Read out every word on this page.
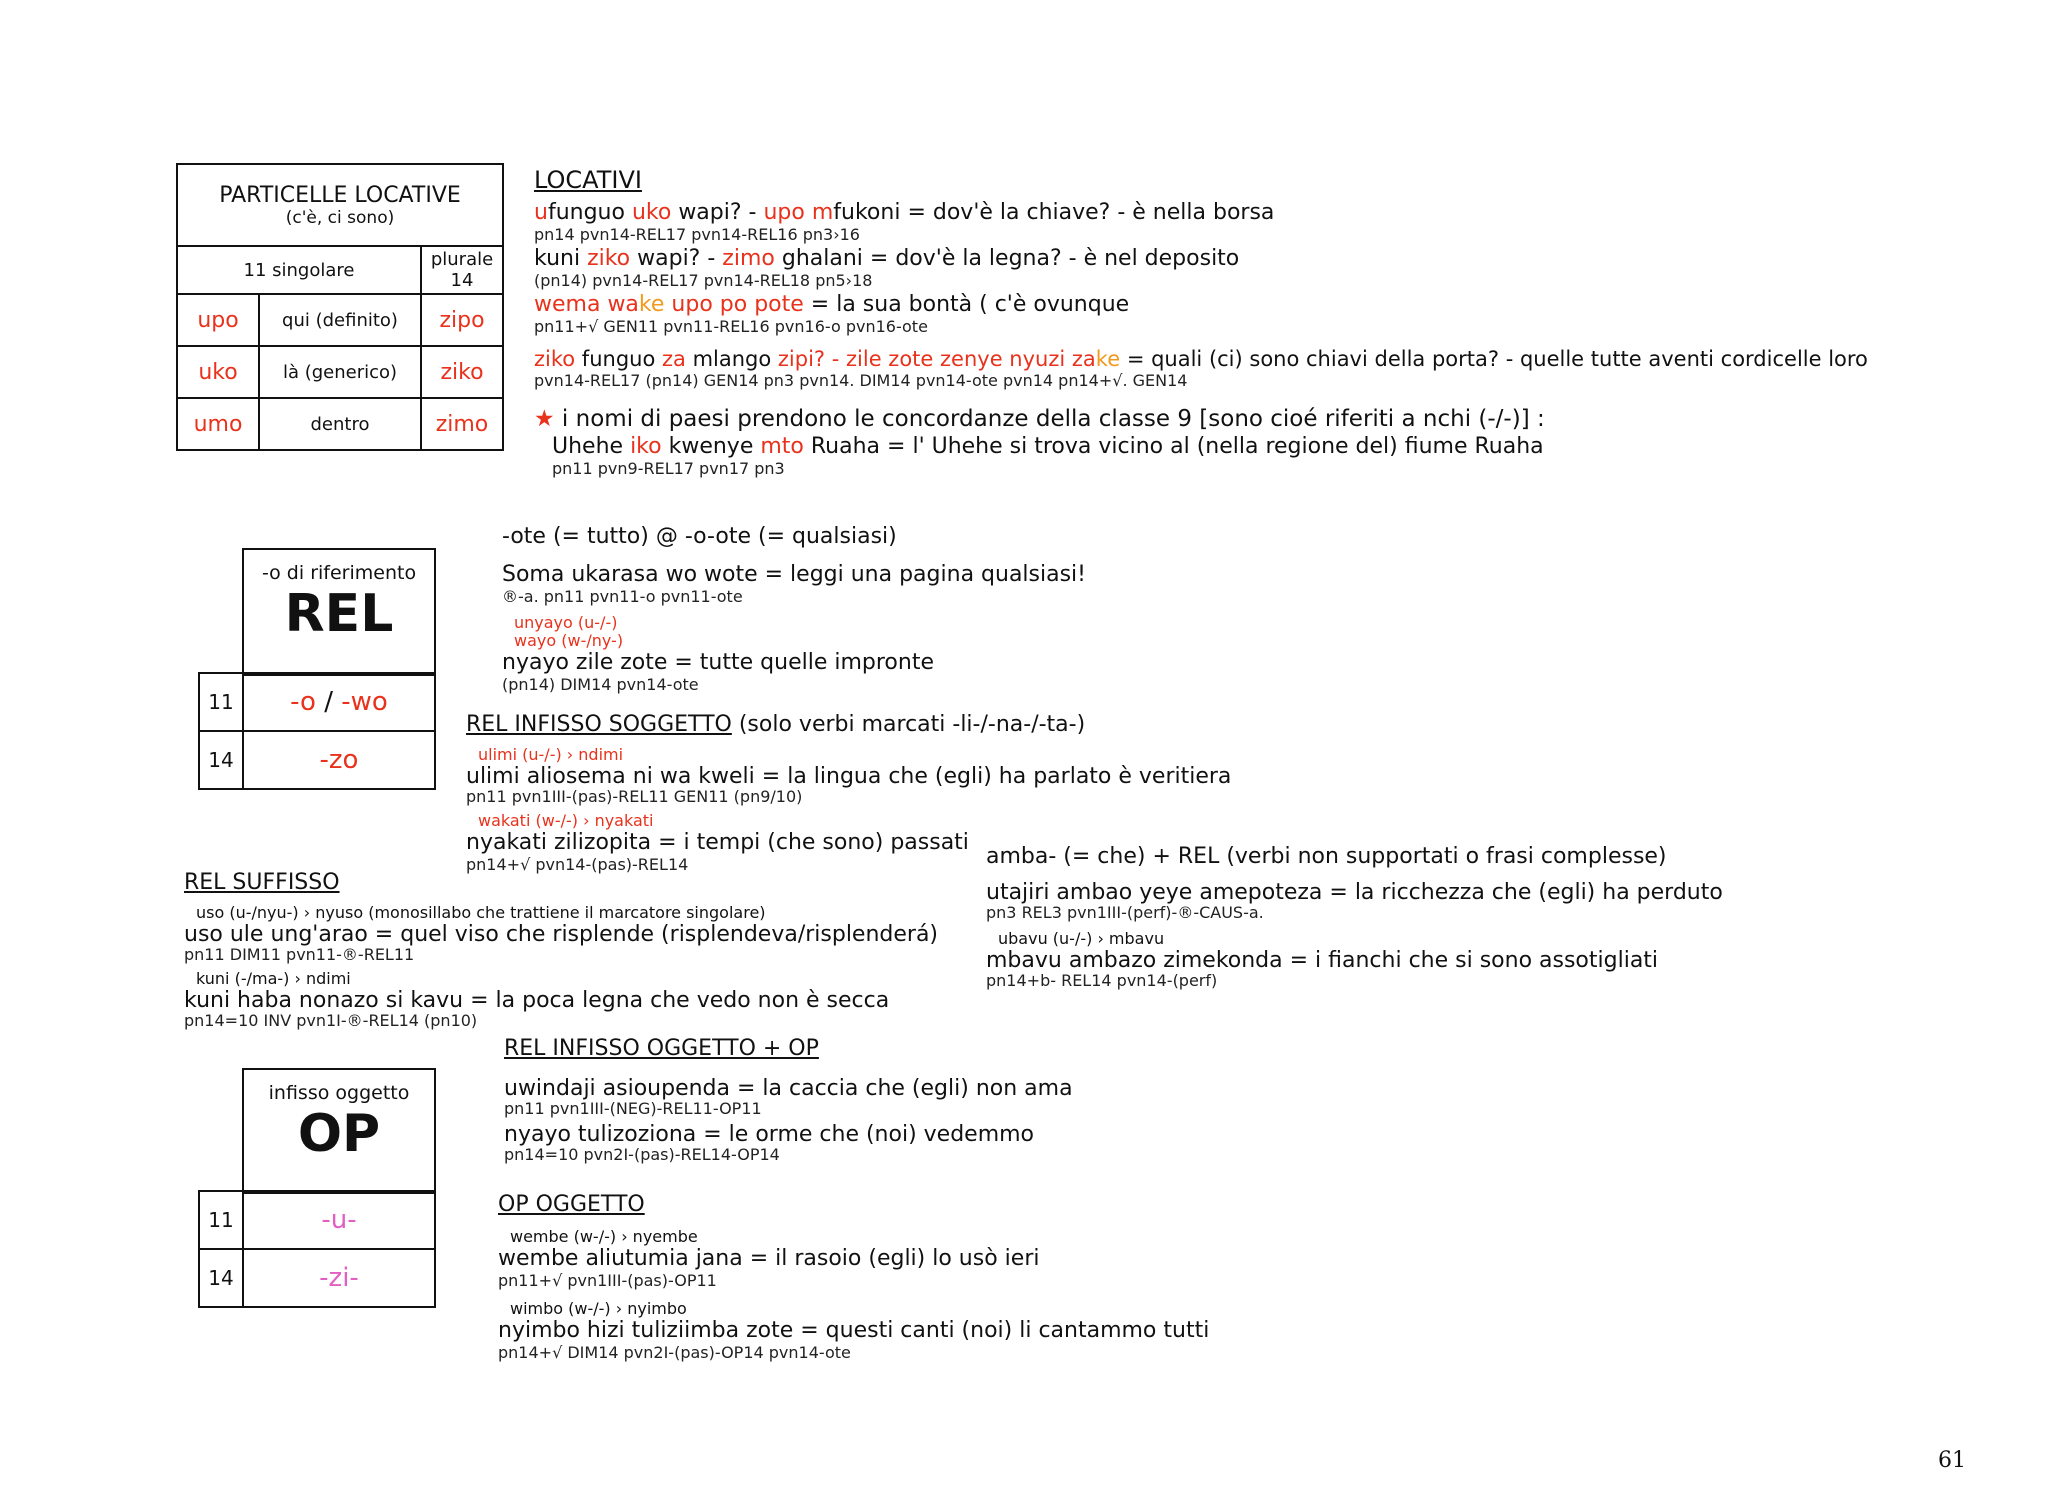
PARTICELLE LOCATIVE
(c'è, ci sono)		

11 singolare		plurale 14
upo	qui (definito)	zipo
uko	là (generico)	ziko
umo	dentro	zimo
LOCATIVI
ufunguo uko wapi? - upo mfukoni = dov'è la chiave? - è nella borsa
pn14 pvn14-REL17 pvn14-REL16 pn3›16
kuni ziko wapi? - zimo ghalani = dov'è la legna? - è nel deposito
(pn14) pvn14-REL17 pvn14-REL18 pn5›18
wema wake upo po pote = la sua bontà ( c'è ovunque
pn11+√ GEN11 pvn11-REL16 pvn16-o pvn16-ote
ziko funguo za mlango zipi? - zile zote zenye nyuzi zake = quali (ci) sono chiavi della porta? - quelle tutte aventi cordicelle loro
pvn14-REL17 (pn14) GEN14 pn3 pvn14. DIM14 pvn14-ote pvn14 pn14+√. GEN14
★ i nomi di paesi prendono le concordanze della classe 9 [sono cioé riferiti a nchi (-/-)] :
Uhehe iko kwenye mto Ruaha = l' Uhehe si trova vicino al (nella regione del) fiume Ruaha
pn11 pvn9-REL17 pvn17 pn3
-o di riferimento
REL
11	-o / -wo
14	-zo
-ote (= tutto) @ -o-ote (= qualsiasi)
Soma ukarasa wo wote = leggi una pagina qualsiasi!
®-a. pn11 pvn11-o pvn11-ote
unyayo (u-/-)
wayo (w-/ny-)
nyayo zile zote = tutte quelle impronte
(pn14) DIM14 pvn14-ote
REL INFISSO SOGGETTO (solo verbi marcati -li-/-na-/-ta-)
ulimi (u-/-) › ndimi
ulimi aliosema ni wa kweli = la lingua che (egli) ha parlato è veritiera
pn11 pvn1III-(pas)-REL11 GEN11 (pn9/10)
wakati (w-/-) › nyakati
nyakati zilizopita = i tempi (che sono) passati
pn14+√ pvn14-(pas)-REL14
REL SUFFISSO
uso (u-/nyu-) › nyuso (monosillabo che trattiene il marcatore singolare)
uso ule ung'arao = quel viso che risplende (risplendeva/risplenderá)
pn11 DIM11 pvn11-®-REL11
kuni (-/ma-) › ndimi
kuni haba nonazo si kavu = la poca legna che vedo non è secca
pn14=10 INV pvn1I-®-REL14 (pn10)
amba- (= che) + REL (verbi non supportati o frasi complesse)
utajiri ambao yeye amepoteza = la ricchezza che (egli) ha perduto
pn3 REL3 pvn1III-(perf)-®-CAUS-a.
ubavu (u-/-) › mbavu
mbavu ambazo zimekonda = i fianchi che si sono assotigliati
pn14+b- REL14 pvn14-(perf)
infisso oggetto
OP
11	-u-
14	-zi-
REL INFISSO OGGETTO + OP
uwindaji asioupenda = la caccia che (egli) non ama
pn11 pvn1III-(NEG)-REL11-OP11
nyayo tulizozionа = le orme che (noi) vedemmo
pn14=10 pvn2I-(pas)-REL14-OP14
OP OGGETTO
wembe (w-/-) › nyembe
wembe aliutumia jana = il rasoio (egli) lo usò ieri
pn11+√ pvn1III-(pas)-OP11
wimbo (w-/-) › nyimbo
nyimbo hizi tuliziimba zote = questi canti (noi) li cantammo tutti
pn14+√ DIM14 pvn2I-(pas)-OP14 pvn14-ote
61
